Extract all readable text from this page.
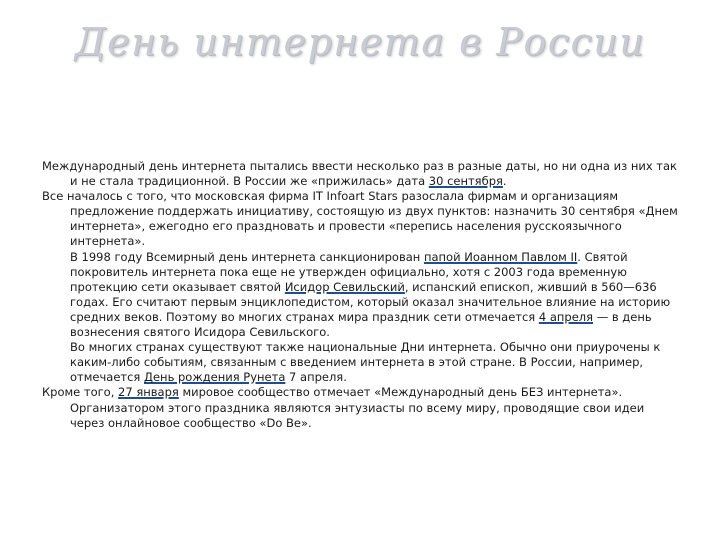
День интернета в России

Международный день интернета пытались ввести несколько раз в разные даты, но ни одна из них так и не стала традиционной. В России же «прижилась» дата 30 сентября.

Все началось с того, что московская фирма IT Infoart Stars разослала фирмам и организациям предложение поддержать инициативу, состоящую из двух пунктов: назначить 30 сентября «Днем интернета», ежегодно его праздновать и провести «перепись населения русскоязычного интернета».
В 1998 году Всемирный день интернета санкционирован папой Иоанном Павлом II. Святой покровитель интернета пока еще не утвержден официально, хотя с 2003 года временную протекцию сети оказывает святой Исидор Севильский, испанский епископ, живший в 560—636 годах. Его считают первым энциклопедистом, который оказал значительное влияние на историю средних веков. Поэтому во многих странах мира праздник сети отмечается 4 апреля — в день вознесения святого Исидора Севильского.
Во многих странах существуют также национальные Дни интернета. Обычно они приурочены к каким-либо событиям, связанным с введением интернета в этой стране. В России, например, отмечается День рождения Рунета 7 апреля.

Кроме того, 27 января мировое сообщество отмечает «Международный день БЕЗ интернета». Организатором этого праздника являются энтузиасты по всему миру, проводящие свои идеи через онлайновое сообщество «Do Be».
